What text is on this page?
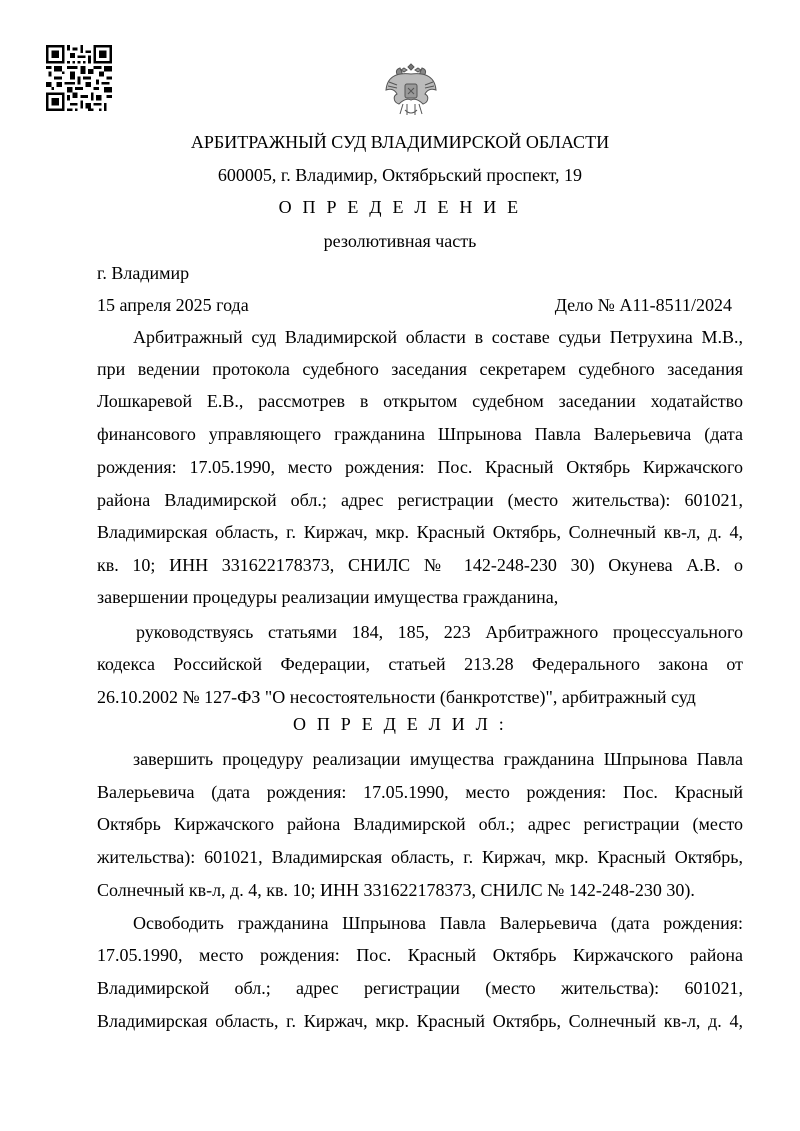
АРБИТРАЖНЫЙ СУД ВЛАДИМИРСКОЙ ОБЛАСТИ
600005, г. Владимир, Октябрьский проспект, 19
О П Р Е Д Е Л Е Н И Е
резолютивная часть
г. Владимир
15 апреля 2025 года	Дело № А11-8511/2024
Арбитражный суд Владимирской области в составе судьи Петрухина М.В.,
при ведении протокола судебного заседания секретарем судебного заседания
Лошкаревой Е.В., рассмотрев в открытом судебном заседании ходатайство
финансового управляющего гражданина Шпрынова Павла Валерьевича (дата
рождения: 17.05.1990, место рождения: Пос. Красный Октябрь Киржачского
района Владимирской обл.; адрес регистрации (место жительства): 601021,
Владимирская область, г. Киржач, мкр. Красный Октябрь, Солнечный кв-л, д. 4,
кв. 10; ИНН 331622178373, СНИЛС № 142-248-230 30) Окунева А.В. о
завершении процедуры реализации имущества гражданина,
руководствуясь статьями 184, 185, 223 Арбитражного процессуального
кодекса Российской Федерации, статьей 213.28 Федерального закона от
26.10.2002 № 127-ФЗ "О несостоятельности (банкротстве)", арбитражный суд
О П Р Е Д Е Л И Л :
завершить процедуру реализации имущества гражданина Шпрынова Павла
Валерьевича (дата рождения: 17.05.1990, место рождения: Пос. Красный
Октябрь Киржачского района Владимирской обл.; адрес регистрации (место
жительства): 601021, Владимирская область, г. Киржач, мкр. Красный Октябрь,
Солнечный кв-л, д. 4, кв. 10; ИНН 331622178373, СНИЛС № 142-248-230 30).
Освободить гражданина Шпрынова Павла Валерьевича (дата рождения:
17.05.1990, место рождения: Пос. Красный Октябрь Киржачского района
Владимирской обл.; адрес регистрации (место жительства): 601021,
Владимирская область, г. Киржач, мкр. Красный Октябрь, Солнечный кв-л, д. 4,
